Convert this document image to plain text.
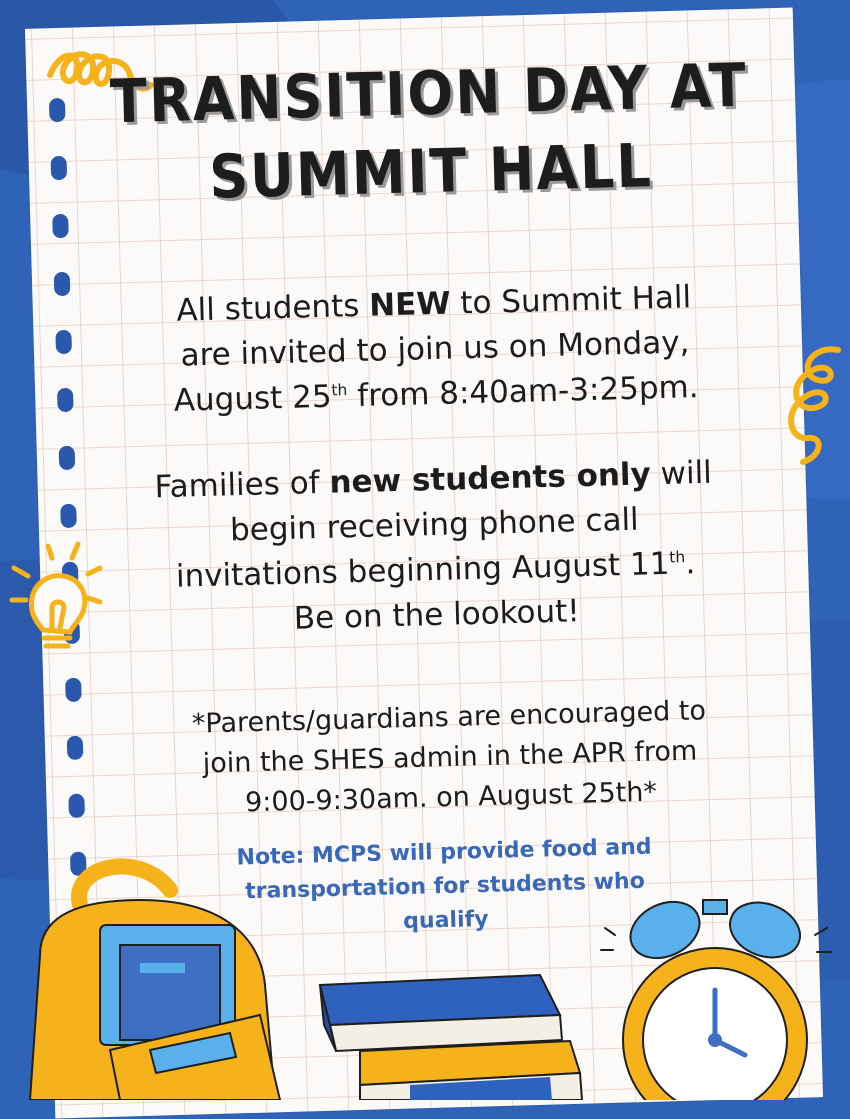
TRANSITION DAY AT
SUMMIT HALL
All students NEW to Summit Hall
are invited to join us on Monday,
August 25th from 8:40am-3:25pm.
Families of new students only will
begin receiving phone call
invitations beginning August 11th.
Be on the lookout!
*Parents/guardians are encouraged to
join the SHES admin in the APR from
9:00-9:30am. on August 25th*
Note: MCPS will provide food and
transportation for students who
qualify
